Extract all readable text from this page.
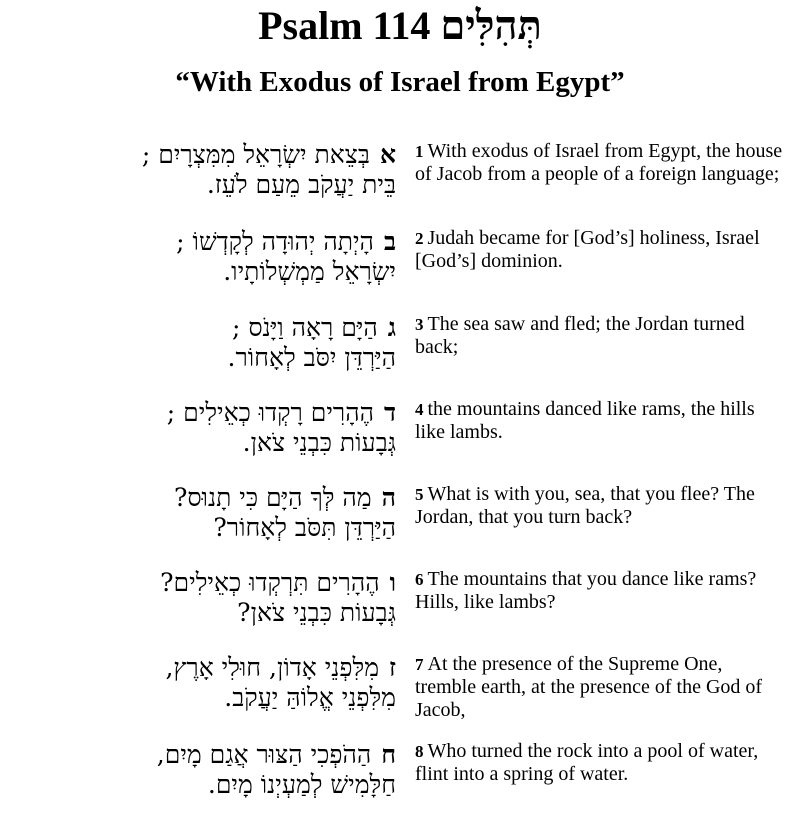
Psalm 114 תְּהִלִּים
“With Exodus of Israel from Egypt”
אבְּצֵאת יִשְׂרָאֵל מִמִּצְרָיִם ;
בֵּית יַעֲקֹב מֵעַם לֹעֵז.
1 With exodus of Israel from Egypt, the house of Jacob from a people of a foreign language;
בהָיְתָה יְהוּדָה לְקָדְשׁוֹ ;
יִשְׂרָאֵל מַמְשְׁלוֹתָיו.
2 Judah became for [God’s] holiness, Israel [God’s] dominion.
גהַיָּם רָאָה וַיָּנֹס ;
הַיַּרְדֵּן יִסֹּב לְאָחוֹר.
3 The sea saw and fled; the Jordan turned back;
דהֶהָרִים רָקְדוּ כְאֵילִים ;
גְּבָעוֹת כִּבְנֵי צֹאן.
4 the mountains danced like rams, the hills like lambs.
המַה לְּךָ הַיָּם כִּי תָנוּס?
הַיַּרְדֵּן תִּסֹּב לְאָחוֹר?
5 What is with you, sea, that you flee? The Jordan, that you turn back?
והֶהָרִים תִּרְקְדוּ כְאֵילִים?
גְּבָעוֹת כִּבְנֵי צֹאן?
6 The mountains that you dance like rams? Hills, like lambs?
זמִלִּפְנֵי אָדוֹן, חוּלִי אָרֶץ,
מִלִּפְנֵי אֱלוֹהַּ יַעֲקֹב.
7 At the presence of the Supreme One, tremble earth, at the presence of the God of Jacob,
חהַהֹפְכִי הַצּוּר אֲגַם מָיִם,
חַלָּמִישׁ לְמַעְיְנוֹ מָיִם.
8 Who turned the rock into a pool of water, flint into a spring of water.
